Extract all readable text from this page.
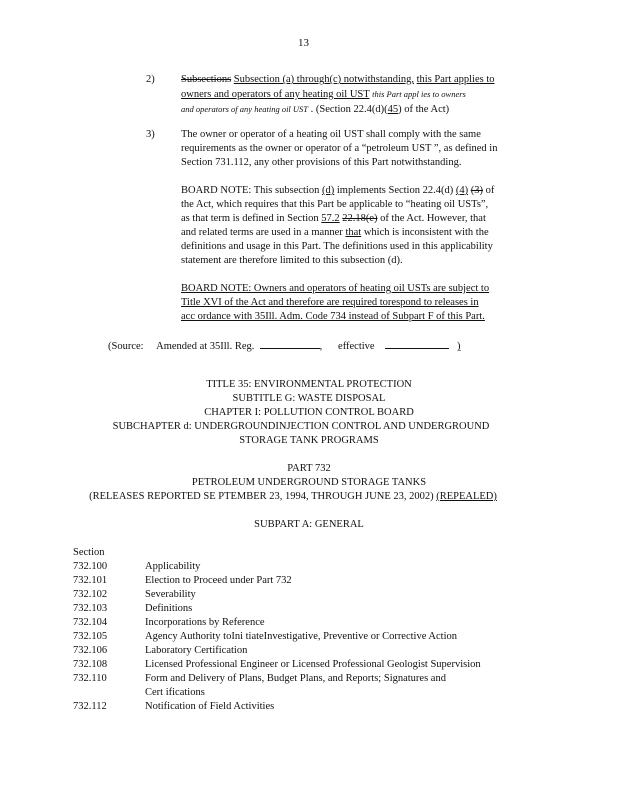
13
2)	Subsections Subsection (a) through(c) notwithstanding, this Part applies to
owners and operators of any heating oil UST this Part appl ies to owners
and operators of any heating oil UST . (Section 22.4(d)(45) of the Act)
3)	The owner or operator of a heating oil UST shall comply with the same
requirements as the owner or operator of a “petroleum UST ”, as defined in
Section 731.112, any other provisions of this Part notwithstanding.
BOARD NOTE: This subsection (d) implements Section 22.4(d) (4) (3) of
the Act, which requires that this Part be applicable to “heating oil USTs”,
as that term is defined in Section 57.2 22.18(e) of the Act. However, that
and related terms are used in a manner that which is inconsistent with the
definitions and usage in this Part. The definitions used in this applicability
statement are therefore limited to this subsection (d).
BOARD NOTE: Owners and operators of heating oil USTs are subject to
Title XVI of the Act and therefore are required torespond to releases in
acc ordance with 35Ill. Adm. Code 734 instead of Subpart F of this Part.
(Source: Amended at 35Ill. Reg.	, effective	)
TITLE 35: ENVIRONMENTAL PROTECTION
SUBTITLE G: WASTE DISPOSAL
CHAPTER I: POLLUTION CONTROL BOARD
SUBCHAPTER d: UNDERGROUNDINJECTION CONTROL AND UNDERGROUND
STORAGE TANK PROGRAMS
PART 732
PETROLEUM UNDERGROUND STORAGE TANKS
(RELEASES REPORTED SE PTEMBER 23, 1994, THROUGH JUNE 23, 2002) (REPEALED)
SUBPART A: GENERAL
Section
732.100	Applicability
732.101	Election to Proceed under Part 732
732.102	Severability
732.103	Definitions
732.104	Incorporations by Reference
732.105	Agency Authority toIni tiateInvestigative, Preventive or Corrective Action
732.106	Laboratory Certification
732.108	Licensed Professional Engineer or Licensed Professional Geologist Supervision
732.110	Form and Delivery of Plans, Budget Plans, and Reports; Signatures and
Cert ifications
732.112	Notification of Field Activities
